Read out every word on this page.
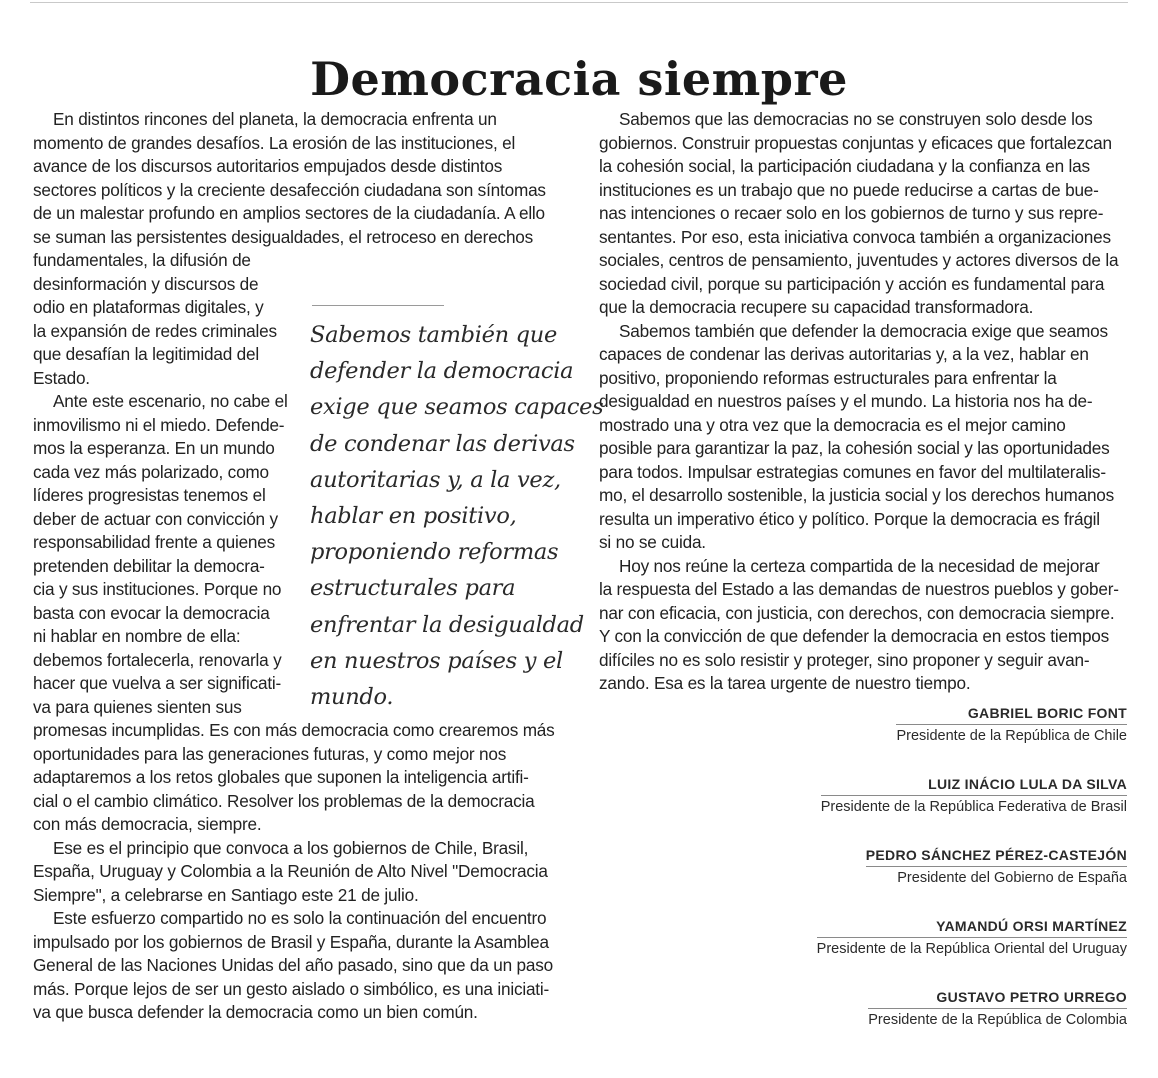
Democracia siempre
En distintos rincones del planeta, la democracia enfrenta un
momento de grandes desafíos. La erosión de las instituciones, el
avance de los discursos autoritarios empujados desde distintos
sectores políticos y la creciente desafección ciudadana son síntomas
de un malestar profundo en amplios sectores de la ciudadanía. A ello
se suman las persistentes desigualdades, el retroceso en derechos
fundamentales, la difusión de
desinformación y discursos de
odio en plataformas digitales, y
la expansión de redes criminales
que desafían la legitimidad del
Estado.
Ante este escenario, no cabe el
inmovilismo ni el miedo. Defende-
mos la esperanza. En un mundo
cada vez más polarizado, como
líderes progresistas tenemos el
deber de actuar con convicción y
responsabilidad frente a quienes
pretenden debilitar la democra-
cia y sus instituciones. Porque no
basta con evocar la democracia
ni hablar en nombre de ella:
debemos fortalecerla, renovarla y
hacer que vuelva a ser significati-
va para quienes sienten sus
promesas incumplidas. Es con más democracia como crearemos más
oportunidades para las generaciones futuras, y como mejor nos
adaptaremos a los retos globales que suponen la inteligencia artifi-
cial o el cambio climático. Resolver los problemas de la democracia
con más democracia, siempre.
Ese es el principio que convoca a los gobiernos de Chile, Brasil,
España, Uruguay y Colombia a la Reunión de Alto Nivel "Democracia
Siempre", a celebrarse en Santiago este 21 de julio.
Este esfuerzo compartido no es solo la continuación del encuentro
impulsado por los gobiernos de Brasil y España, durante la Asamblea
General de las Naciones Unidas del año pasado, sino que da un paso
más. Porque lejos de ser un gesto aislado o simbólico, es una iniciati-
va que busca defender la democracia como un bien común.
Sabemos también que
defender la democracia
exige que seamos capaces
de condenar las derivas
autoritarias y, a la vez,
hablar en positivo,
proponiendo reformas
estructurales para
enfrentar la desigualdad
en nuestros países y el
mundo.
Sabemos que las democracias no se construyen solo desde los
gobiernos. Construir propuestas conjuntas y eficaces que fortalezcan
la cohesión social, la participación ciudadana y la confianza en las
instituciones es un trabajo que no puede reducirse a cartas de bue-
nas intenciones o recaer solo en los gobiernos de turno y sus repre-
sentantes. Por eso, esta iniciativa convoca también a organizaciones
sociales, centros de pensamiento, juventudes y actores diversos de la
sociedad civil, porque su participación y acción es fundamental para
que la democracia recupere su capacidad transformadora.
Sabemos también que defender la democracia exige que seamos
capaces de condenar las derivas autoritarias y, a la vez, hablar en
positivo, proponiendo reformas estructurales para enfrentar la
desigualdad en nuestros países y el mundo. La historia nos ha de-
mostrado una y otra vez que la democracia es el mejor camino
posible para garantizar la paz, la cohesión social y las oportunidades
para todos. Impulsar estrategias comunes en favor del multilateralis-
mo, el desarrollo sostenible, la justicia social y los derechos humanos
resulta un imperativo ético y político. Porque la democracia es frágil
si no se cuida.
Hoy nos reúne la certeza compartida de la necesidad de mejorar
la respuesta del Estado a las demandas de nuestros pueblos y gober-
nar con eficacia, con justicia, con derechos, con democracia siempre.
Y con la convicción de que defender la democracia en estos tiempos
difíciles no es solo resistir y proteger, sino proponer y seguir avan-
zando. Esa es la tarea urgente de nuestro tiempo.
GABRIEL BORIC FONT
Presidente de la República de Chile
LUIZ INÁCIO LULA DA SILVA
Presidente de la República Federativa de Brasil
PEDRO SÁNCHEZ PÉREZ-CASTEJÓN
Presidente del Gobierno de España
YAMANDÚ ORSI MARTÍNEZ
Presidente de la República Oriental del Uruguay
GUSTAVO PETRO URREGO
Presidente de la República de Colombia
